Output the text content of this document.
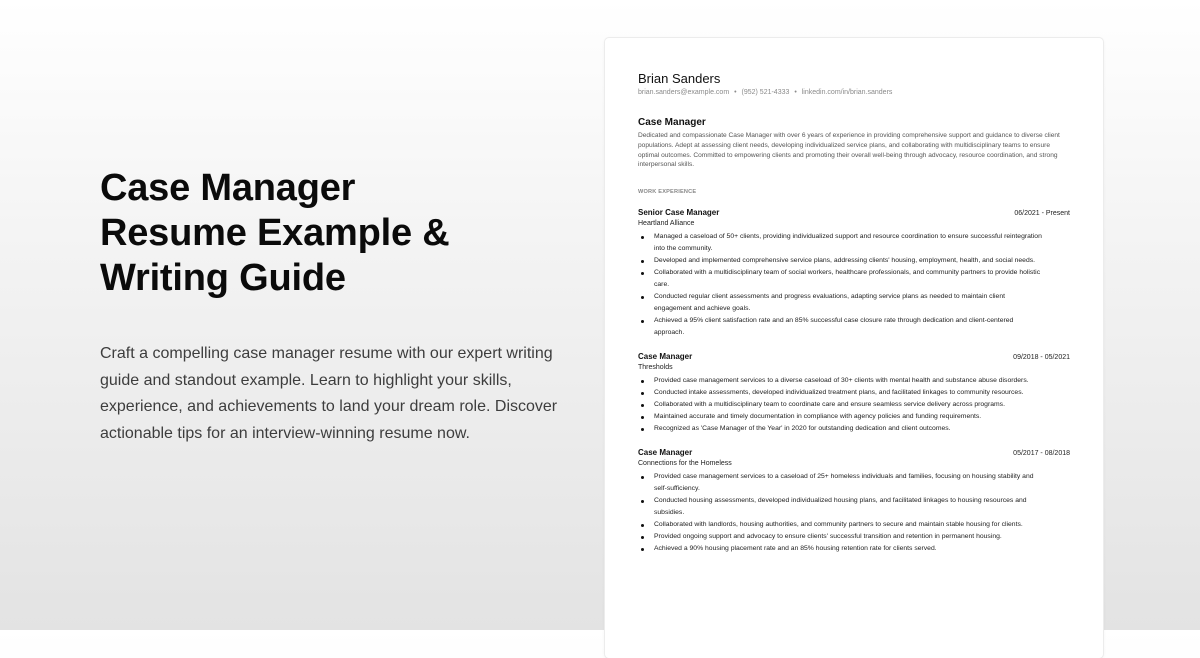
Case Manager
Resume Example &
Writing Guide

Craft a compelling case manager resume with our expert writing guide and standout example. Learn to highlight your skills, experience, and achievements to land your dream role. Discover actionable tips for an interview-winning resume now.

Brian Sanders
brian.sanders@example.com • (952) 521-4333 • linkedin.com/in/brian.sanders
Case Manager
Dedicated and compassionate Case Manager with over 6 years of experience in providing comprehensive support and guidance to diverse client populations. Adept at assessing client needs, developing individualized service plans, and collaborating with multidisciplinary teams to ensure optimal outcomes. Committed to empowering clients and promoting their overall well-being through advocacy, resource coordination, and strong interpersonal skills.
WORK EXPERIENCE
Senior Case Manager	06/2021 - Present
Heartland Alliance
Managed a caseload of 50+ clients, providing individualized support and resource coordination to ensure successful reintegration into the community.
Developed and implemented comprehensive service plans, addressing clients' housing, employment, health, and social needs.
Collaborated with a multidisciplinary team of social workers, healthcare professionals, and community partners to provide holistic care.
Conducted regular client assessments and progress evaluations, adapting service plans as needed to maintain client engagement and achieve goals.
Achieved a 95% client satisfaction rate and an 85% successful case closure rate through dedication and client-centered approach.
Case Manager	09/2018 - 05/2021
Thresholds
Provided case management services to a diverse caseload of 30+ clients with mental health and substance abuse disorders.
Conducted intake assessments, developed individualized treatment plans, and facilitated linkages to community resources.
Collaborated with a multidisciplinary team to coordinate care and ensure seamless service delivery across programs.
Maintained accurate and timely documentation in compliance with agency policies and funding requirements.
Recognized as 'Case Manager of the Year' in 2020 for outstanding dedication and client outcomes.
Case Manager	05/2017 - 08/2018
Connections for the Homeless
Provided case management services to a caseload of 25+ homeless individuals and families, focusing on housing stability and self-sufficiency.
Conducted housing assessments, developed individualized housing plans, and facilitated linkages to housing resources and subsidies.
Collaborated with landlords, housing authorities, and community partners to secure and maintain stable housing for clients.
Provided ongoing support and advocacy to ensure clients' successful transition and retention in permanent housing.
Achieved a 90% housing placement rate and an 85% housing retention rate for clients served.
